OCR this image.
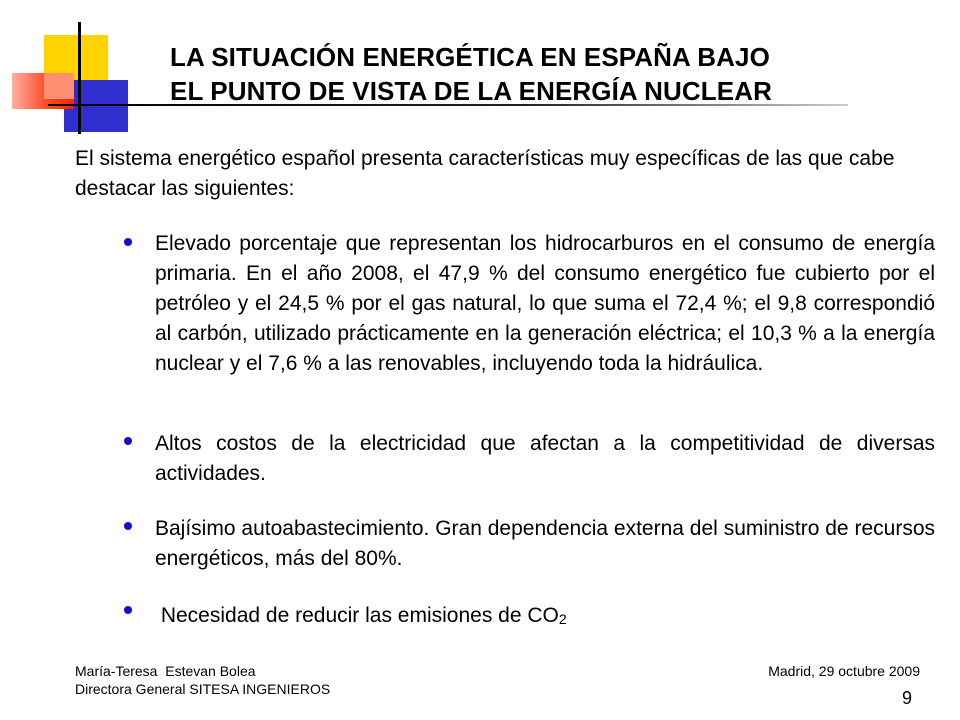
LA SITUACIÓN ENERGÉTICA EN ESPAÑA BAJO
EL PUNTO DE VISTA DE LA ENERGÍA NUCLEAR
El sistema energético español presenta características muy específicas de las que cabe destacar las siguientes:
Elevado porcentaje que representan los hidrocarburos en el consumo de energía primaria. En el año 2008, el 47,9 % del consumo energético fue cubierto por el petróleo y el 24,5 % por el gas natural, lo que suma el 72,4 %; el 9,8 correspondió al carbón, utilizado prácticamente en la generación eléctrica; el 10,3 % a la energía nuclear y el 7,6 % a las renovables, incluyendo toda la hidráulica.
Altos costos de la electricidad que afectan a la competitividad de diversas actividades.
Bajísimo autoabastecimiento. Gran dependencia externa del suministro de recursos energéticos, más del 80%.
Necesidad de reducir las emisiones de CO2
María-Teresa  Estevan Bolea
Directora General SITESA INGENIEROS
Madrid, 29 octubre 2009
9
